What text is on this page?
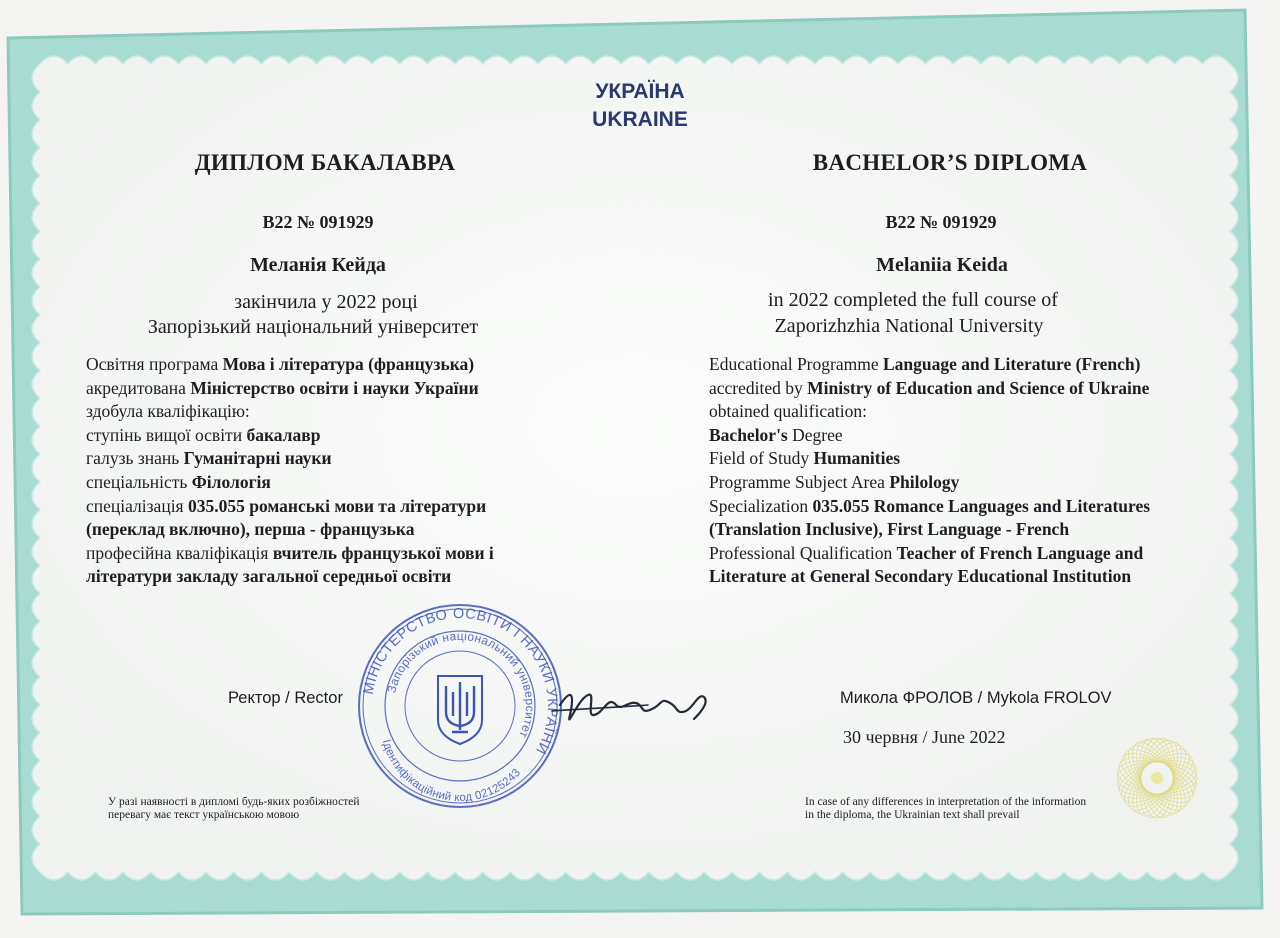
УКРАЇНА
UKRAINE
ДИПЛОМ БАКАЛАВРА
B22 № 091929
Меланія Кейда
закінчила у 2022 році
Запорізький національний університет
Освітня програма Мова і література (французька)
акредитована Міністерство освіти і науки України
здобула кваліфікацію:
ступінь вищої освіти бакалавр
галузь знань Гуманітарні науки
спеціальність Філологія
спеціалізація 035.055 романські мови та літератури
(переклад включно), перша - французька
професійна кваліфікація вчитель французької мови і
літератури закладу загальної середньої освіти
Ректор / Rector
У разі наявності в дипломі будь-яких розбіжностей
перевагу має текст українською мовою
BACHELOR’S DIPLOMA
B22 № 091929
Melaniia Keida
in 2022 completed the full course of
Zaporizhzhia National University
Educational Programme Language and Literature (French)
accredited by Ministry of Education and Science of Ukraine
obtained qualification:
Bachelor's Degree
Field of Study Humanities
Programme Subject Area Philology
Specialization 035.055 Romance Languages and Literatures
(Translation Inclusive), First Language - French
Professional Qualification Teacher of French Language and
Literature at General Secondary Educational Institution
Микола ФРОЛОВ / Mykola FROLOV
30 червня / June 2022
In case of any differences in interpretation of the information
in the diploma, the Ukrainian text shall prevail
МІНІСТЕРСТВО ОСВІТИ І НАУКИ УКРАЇНИ
Запорізький національний університет
Ідентифікаційний код 02125243
